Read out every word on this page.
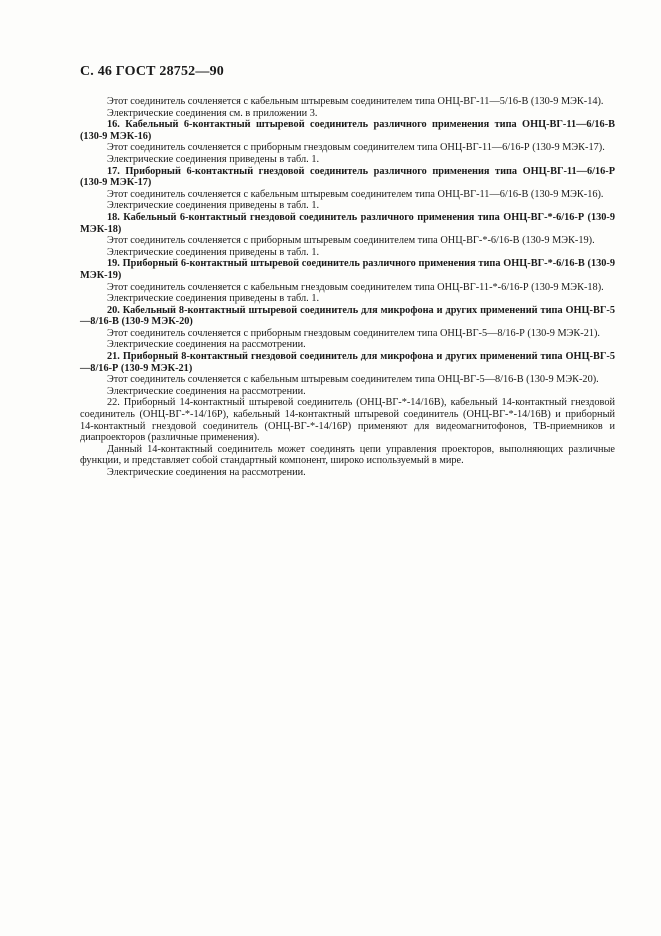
С. 46 ГОСТ 28752—90

Этот соединитель сочленяется с кабельным штыревым соединителем типа ОНЦ-ВГ-11—5/16-В (130-9 МЭК-14).

Электрические соединения см. в приложении 3.

16. Кабельный 6-контактный штыревой соединитель различного применения типа ОНЦ-ВГ-11—6/16-В (130-9 МЭК-16)

Этот соединитель сочленяется с приборным гнездовым соединителем типа ОНЦ-ВГ-11—6/16-Р (130-9 МЭК-17).

Электрические соединения приведены в табл. 1.

17. Приборный 6-контактный гнездовой соединитель различного применения типа ОНЦ-ВГ-11—6/16-Р (130-9 МЭК-17)

Этот соединитель сочленяется с кабельным штыревым соединителем типа ОНЦ-ВГ-11—6/16-В (130-9 МЭК-16).

Электрические соединения приведены в табл. 1.

18. Кабельный 6-контактный гнездовой соединитель различного применения типа ОНЦ-ВГ-*-6/16-Р (130-9 МЭК-18)

Этот соединитель сочленяется с приборным штыревым соединителем типа ОНЦ-ВГ-*-6/16-В (130-9 МЭК-19).

Электрические соединения приведены в табл. 1.

19. Приборный 6-контактный штыревой соединитель различного применения типа ОНЦ-ВГ-*-6/16-В (130-9 МЭК-19)

Этот соединитель сочленяется с кабельным гнездовым соединителем типа ОНЦ-ВГ-11-*-6/16-Р (130-9 МЭК-18).

Электрические соединения приведены в табл. 1.

20. Кабельный 8-контактный штыревой соединитель для микрофона и других применений типа ОНЦ-ВГ-5—8/16-В (130-9 МЭК-20)

Этот соединитель сочленяется с приборным гнездовым соединителем типа ОНЦ-ВГ-5—8/16-Р (130-9 МЭК-21).

Электрические соединения на рассмотрении.

21. Приборный 8-контактный гнездовой соединитель для микрофона и других применений типа ОНЦ-ВГ-5—8/16-Р (130-9 МЭК-21)

Этот соединитель сочленяется с кабельным штыревым соединителем типа ОНЦ-ВГ-5—8/16-В (130-9 МЭК-20).

Электрические соединения на рассмотрении.

22. Приборный 14-контактный штыревой соединитель (ОНЦ-ВГ-*-14/16В), кабельный 14-контактный гнездовой соединитель (ОНЦ-ВГ-*-14/16Р), кабельный 14-контактный штыревой соединитель (ОНЦ-ВГ-*-14/16В) и приборный 14-контактный гнездовой соединитель (ОНЦ-ВГ-*-14/16Р) применяют для видеомагнитофонов, ТВ-приемников и диапроекторов (различные применения).

Данный 14-контактный соединитель может соединять цепи управления проекторов, выполняющих различные функции, и представляет собой стандартный компонент, широко используемый в мире.

Электрические соединения на рассмотрении.
